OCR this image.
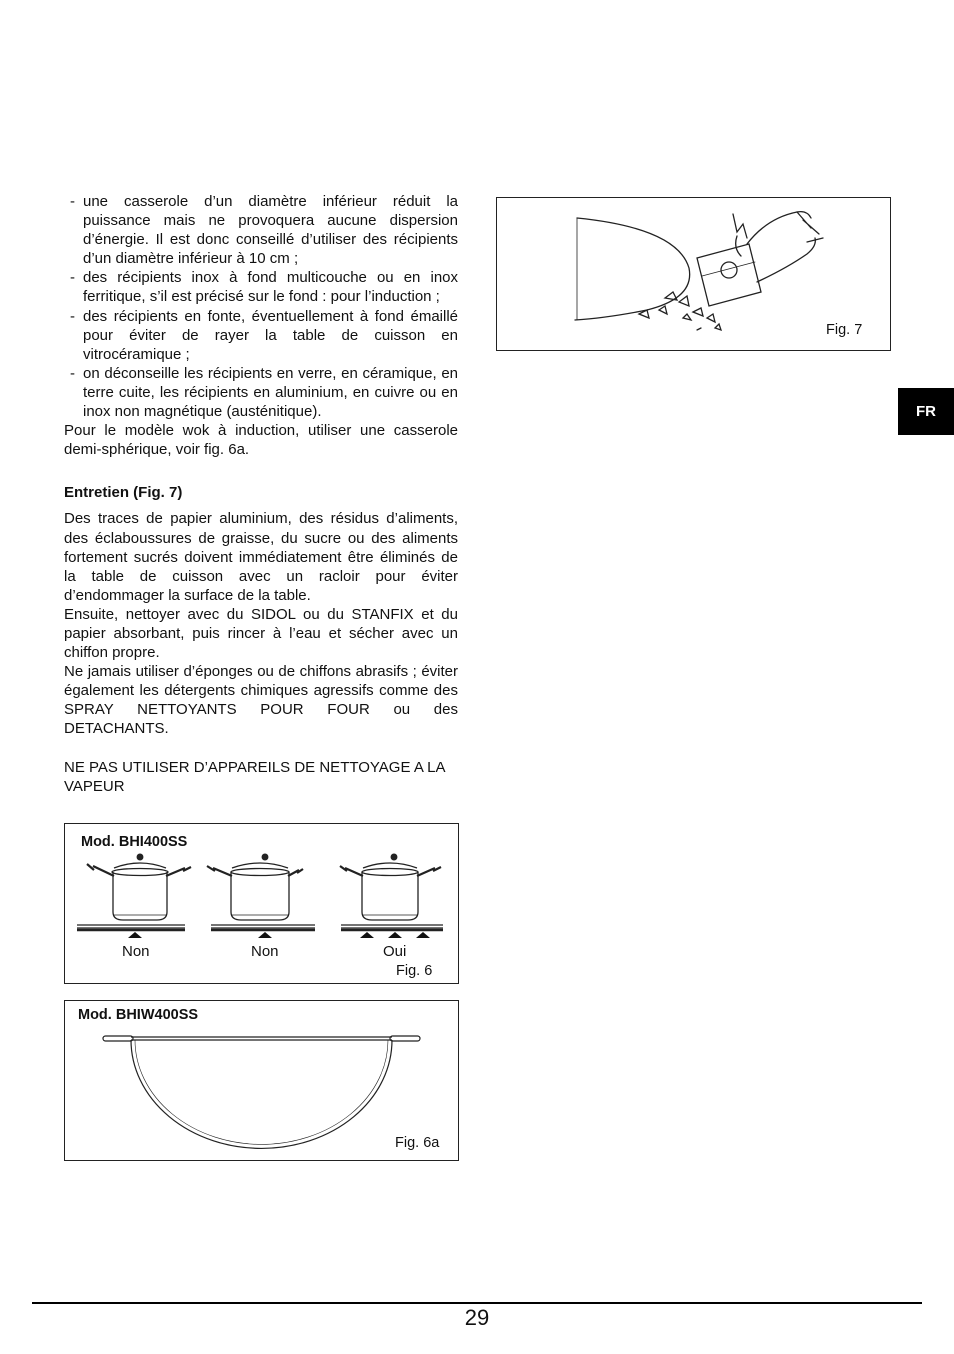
- une casserole d’un diamètre inférieur réduit la puissance mais ne provoquera aucune dispersion d’énergie. Il est donc conseillé d’utiliser des récipients d’un diamètre inférieur à 10 cm ;
- des récipients inox à fond multicouche ou en inox ferritique, s’il est précisé sur le fond : pour l’induction ;
- des récipients en fonte, éventuellement à fond émaillé pour éviter de rayer la table de cuisson en vitrocéramique ;
- on déconseille les récipients en verre, en céramique, en terre cuite, les récipients en aluminium, en cuivre ou en inox non magnétique (austénitique).

Pour le modèle wok à induction, utiliser une casserole demi-sphérique, voir fig. 6a.

Entretien (Fig. 7)

Des traces de papier aluminium, des résidus d’aliments, des éclaboussures de graisse, du sucre ou des aliments fortement sucrés doivent immédiatement être éliminés de la table de cuisson avec un racloir pour éviter d’endommager la surface de la table.

Ensuite, nettoyer avec du SIDOL ou du STANFIX et du papier absorbant, puis rincer à l’eau et sécher avec un chiffon propre.

Ne jamais utiliser d’éponges ou de chiffons abrasifs ; éviter également les détergents chimiques agressifs comme des SPRAY NETTOYANTS POUR FOUR ou des DETACHANTS.

NE PAS UTILISER D’APPAREILS DE NETTOYAGE A LA VAPEUR

Mod. BHI400SS
Non	Non	Oui
Fig. 6
Mod. BHIW400SS
Fig. 6a
Fig. 7
FR
29
